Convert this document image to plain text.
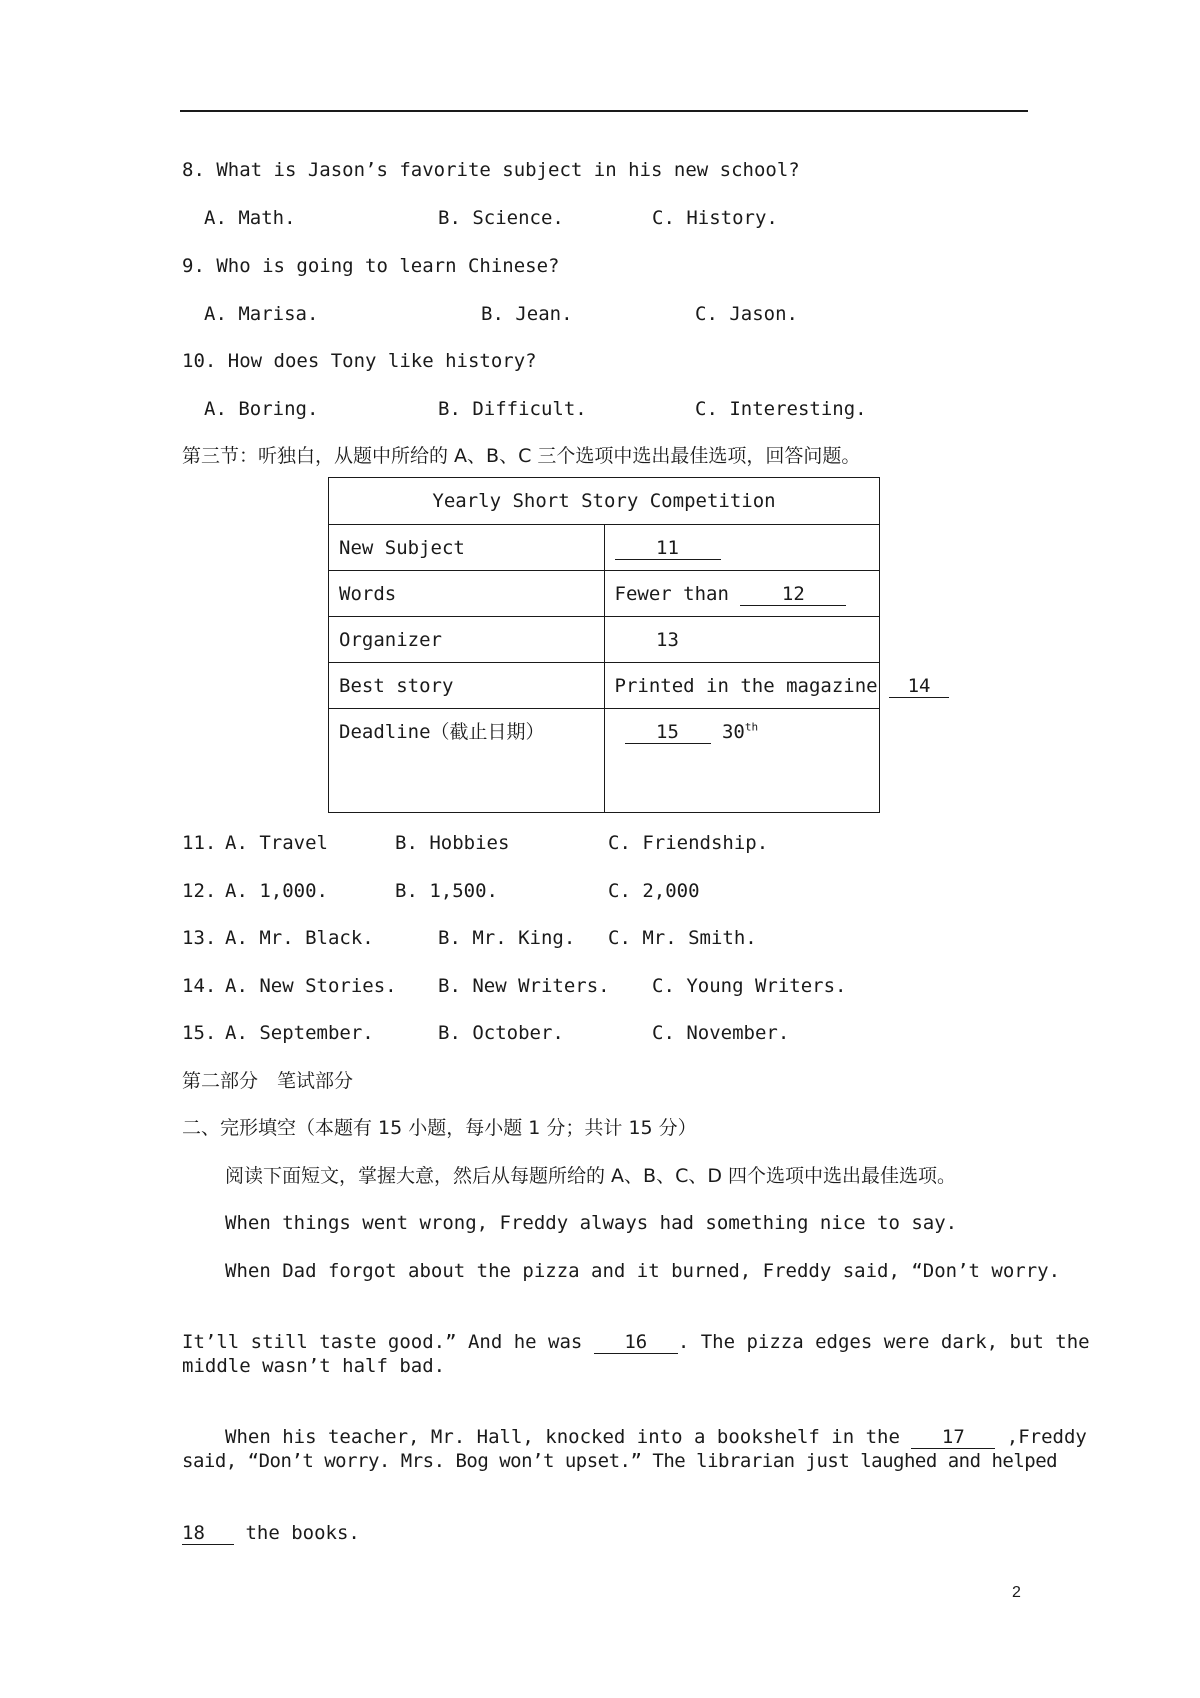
8. What is Jason’s favorite subject in his new school?
A. Math.	B. Science.	C. History.
9. Who is going to learn Chinese?
A. Marisa.	B. Jean.	C. Jason.
10. How does Tony like history?
A. Boring.	B. Difficult.	C. Interesting.
第三节：听独白，从题中所给的 A、B、C 三个选项中选出最佳选项，回答问题。
Yearly Short Story Competition	
New Subject	11
Words	Fewer than 12
Organizer	13
Best story	Printed in the magazine 14
Deadline（截止日期）	15 30th
11. A. Travel	B. Hobbies	C. Friendship.
12. A. 1,000.	B. 1,500.	C. 2,000
13. A. Mr. Black.	B. Mr. King. C. Mr. Smith.
14. A. New Stories. B. New Writers. C. Young Writers.
15. A. September.	B. October.	C. November.
第二部分　笔试部分
二、完形填空（本题有 15 小题，每小题 1 分；共计 15 分）
阅读下面短文，掌握大意，然后从每题所给的 A、B、C、D 四个选项中选出最佳选项。
When things went wrong, Freddy always had something nice to say.
When Dad forgot about the pizza and it burned, Freddy said, “Don’t worry.

It’ll still taste good.” And he was 16 . The pizza edges were dark, but the

middle wasn’t half bad.

When his teacher, Mr. Hall, knocked into a bookshelf in the 17 ,Freddy

said, “Don’t worry. Mrs. Bog won’t upset.” The librarian just laughed and helped

18 the books.

2
